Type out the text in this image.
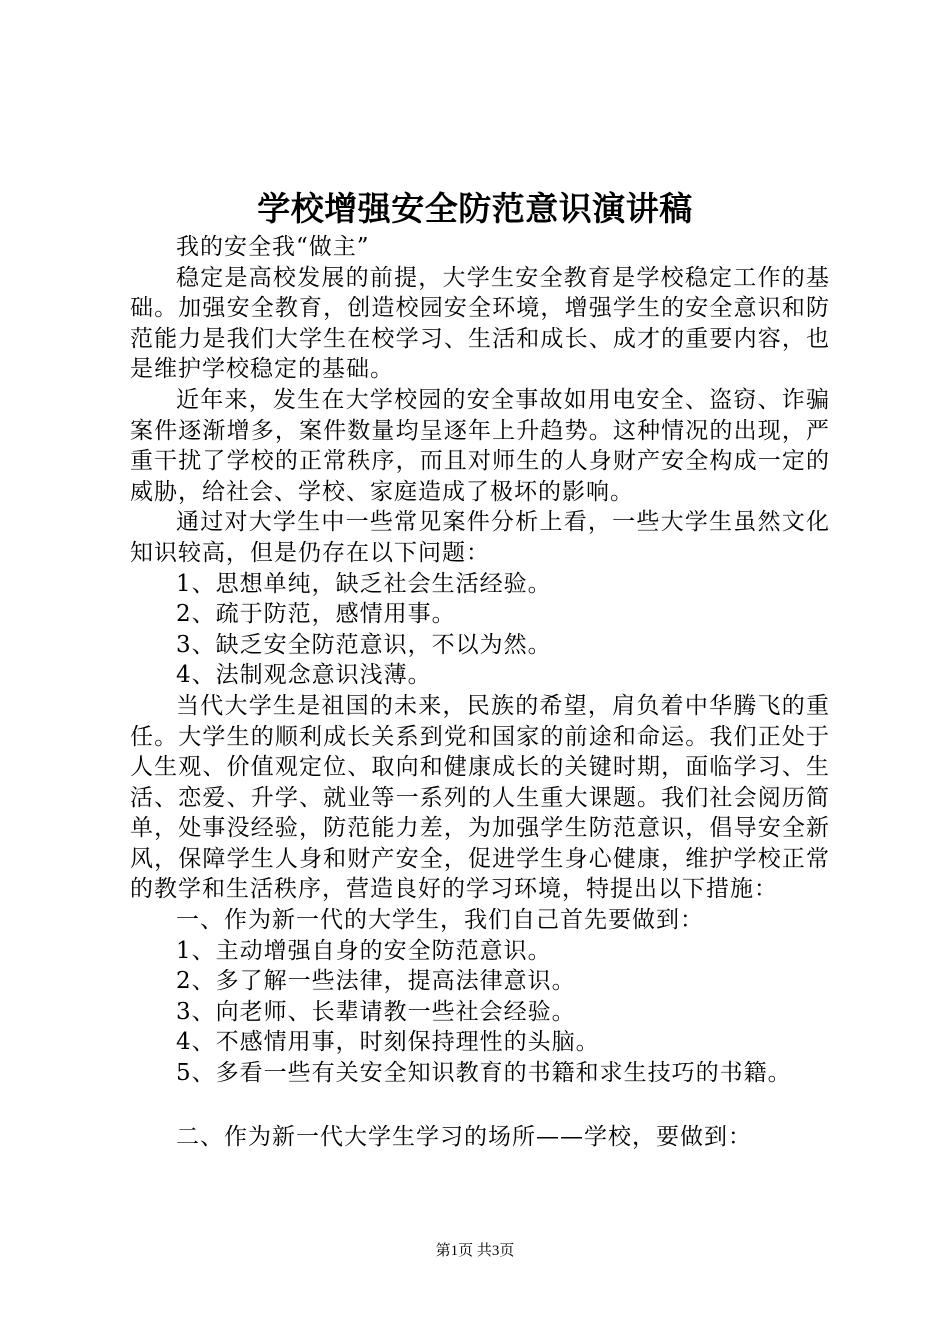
学校增强安全防范意识演讲稿

我的安全我“做主”

稳定是高校发展的前提，大学生安全教育是学校稳定工作的基础。加强安全教育，创造校园安全环境，增强学生的安全意识和防范能力是我们大学生在校学习、生活和成长、成才的重要内容，也是维护学校稳定的基础。

近年来，发生在大学校园的安全事故如用电安全、盗窃、诈骗案件逐渐增多，案件数量均呈逐年上升趋势。这种情况的出现，严重干扰了学校的正常秩序，而且对师生的人身财产安全构成一定的威胁，给社会、学校、家庭造成了极坏的影响。

通过对大学生中一些常见案件分析上看，一些大学生虽然文化知识较高，但是仍存在以下问题：

1、思想单纯，缺乏社会生活经验。

2、疏于防范，感情用事。

3、缺乏安全防范意识，不以为然。

4、法制观念意识浅薄。

当代大学生是祖国的未来，民族的希望，肩负着中华腾飞的重任。大学生的顺利成长关系到党和国家的前途和命运。我们正处于人生观、价值观定位、取向和健康成长的关键时期，面临学习、生活、恋爱、升学、就业等一系列的人生重大课题。我们社会阅历简单，处事没经验，防范能力差，为加强学生防范意识，倡导安全新风，保障学生人身和财产安全，促进学生身心健康，维护学校正常的教学和生活秩序，营造良好的学习环境，特提出以下措施：

一、作为新一代的大学生，我们自己首先要做到：

1、主动增强自身的安全防范意识。

2、多了解一些法律，提高法律意识。

3、向老师、长辈请教一些社会经验。

4、不感情用事，时刻保持理性的头脑。

5、多看一些有关安全知识教育的书籍和求生技巧的书籍。

二、作为新一代大学生学习的场所——学校，要做到：

第1页 共3页
